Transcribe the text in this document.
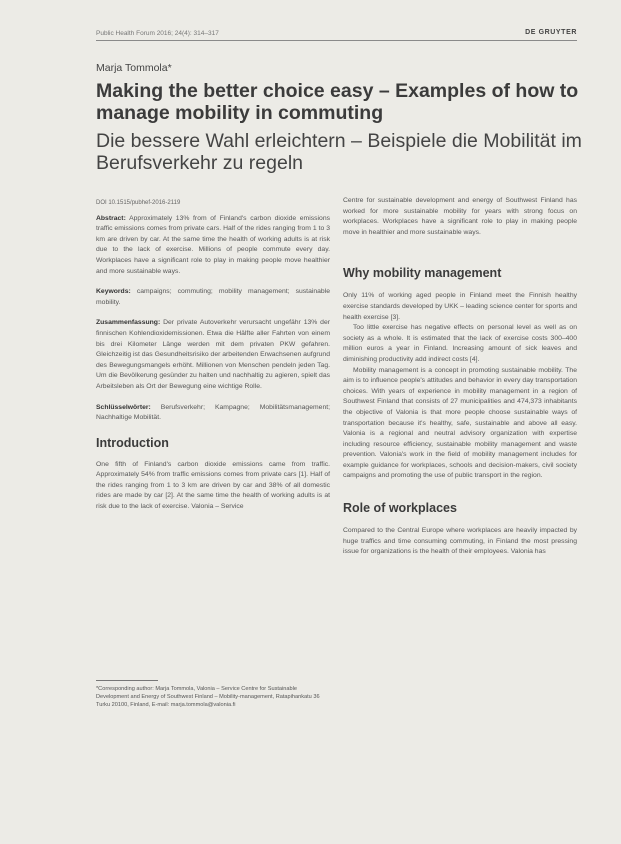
Public Health Forum 2016; 24(4): 314–317	DE GRUYTER
Marja Tommola*
Making the better choice easy – Examples of how to manage mobility in commuting
Die bessere Wahl erleichtern – Beispiele die Mobilität im Berufsverkehr zu regeln

DOI 10.1515/pubhef-2016-2119

Abstract: Approximately 13% from of Finland's carbon dioxide emissions traffic emissions comes from private cars. Half of the rides ranging from 1 to 3 km are driven by car. At the same time the health of working adults is at risk due to the lack of exercise. Millions of people commute every day. Workplaces have a significant role to play in making people move healthier and more sustainable ways.

Keywords: campaigns; commuting; mobility management; sustainable mobility.

Zusammenfassung: Der private Autoverkehr verursacht ungefähr 13% der finnischen Kohlendioxidemissionen. Etwa die Hälfte aller Fahrten von einem bis drei Kilometer Länge werden mit dem privaten PKW gefahren. Gleichzeitig ist das Gesundheitsrisiko der arbeitenden Erwachsenen aufgrund des Bewegungsmangels erhöht. Millionen von Menschen pendeln jeden Tag. Um die Bevölkerung gesünder zu halten und nachhaltig zu agieren, spielt das Arbeitsleben als Ort der Bewegung eine wichtige Rolle.

Schlüsselwörter: Berufsverkehr; Kampagne; Mobilitätsmanagement; Nachhaltige Mobilität.

Introduction

One fifth of Finland's carbon dioxide emissions came from traffic. Approximately 54% from traffic emissions comes from private cars [1]. Half of the rides ranging from 1 to 3 km are driven by car and 38% of all domestic rides are made by car [2]. At the same time the health of working adults is at risk due to the lack of exercise. Valonia – Service

*Corresponding author: Marja Tommola, Valonia – Service Centre for Sustainable Development and Energy of Southwest Finland – Mobility-management, Ratapihankatu 36 Turku 20100, Finland, E-mail: marja.tommola@valonia.fi

Centre for sustainable development and energy of Southwest Finland has worked for more sustainable mobility for years with strong focus on workplaces. Workplaces have a significant role to play in making people move in healthier and more sustainable ways.

Why mobility management

Only 11% of working aged people in Finland meet the Finnish healthy exercise standards developed by UKK – leading science center for sports and health exercise [3].

Too little exercise has negative effects on personal level as well as on society as a whole. It is estimated that the lack of exercise costs 300–400 million euros a year in Finland. Increasing amount of sick leaves and diminishing productivity add indirect costs [4].

Mobility management is a concept in promoting sustainable mobility. The aim is to influence people's attitudes and behavior in every day transportation choices. With years of experience in mobility management in a region of Southwest Finland that consists of 27 municipalities and 474,373 inhabitants the objective of Valonia is that more people choose sustainable ways of transportation because it's healthy, safe, sustainable and above all easy. Valonia is a regional and neutral advisory organization with expertise including resource efficiency, sustainable mobility management and waste prevention. Valonia's work in the field of mobility management includes for example guidance for workplaces, schools and decision-makers, civil society campaigns and promoting the use of public transport in the region.

Role of workplaces

Compared to the Central Europe where workplaces are heavily impacted by huge traffics and time consuming commuting, in Finland the most pressing issue for organizations is the health of their employees. Valonia has
